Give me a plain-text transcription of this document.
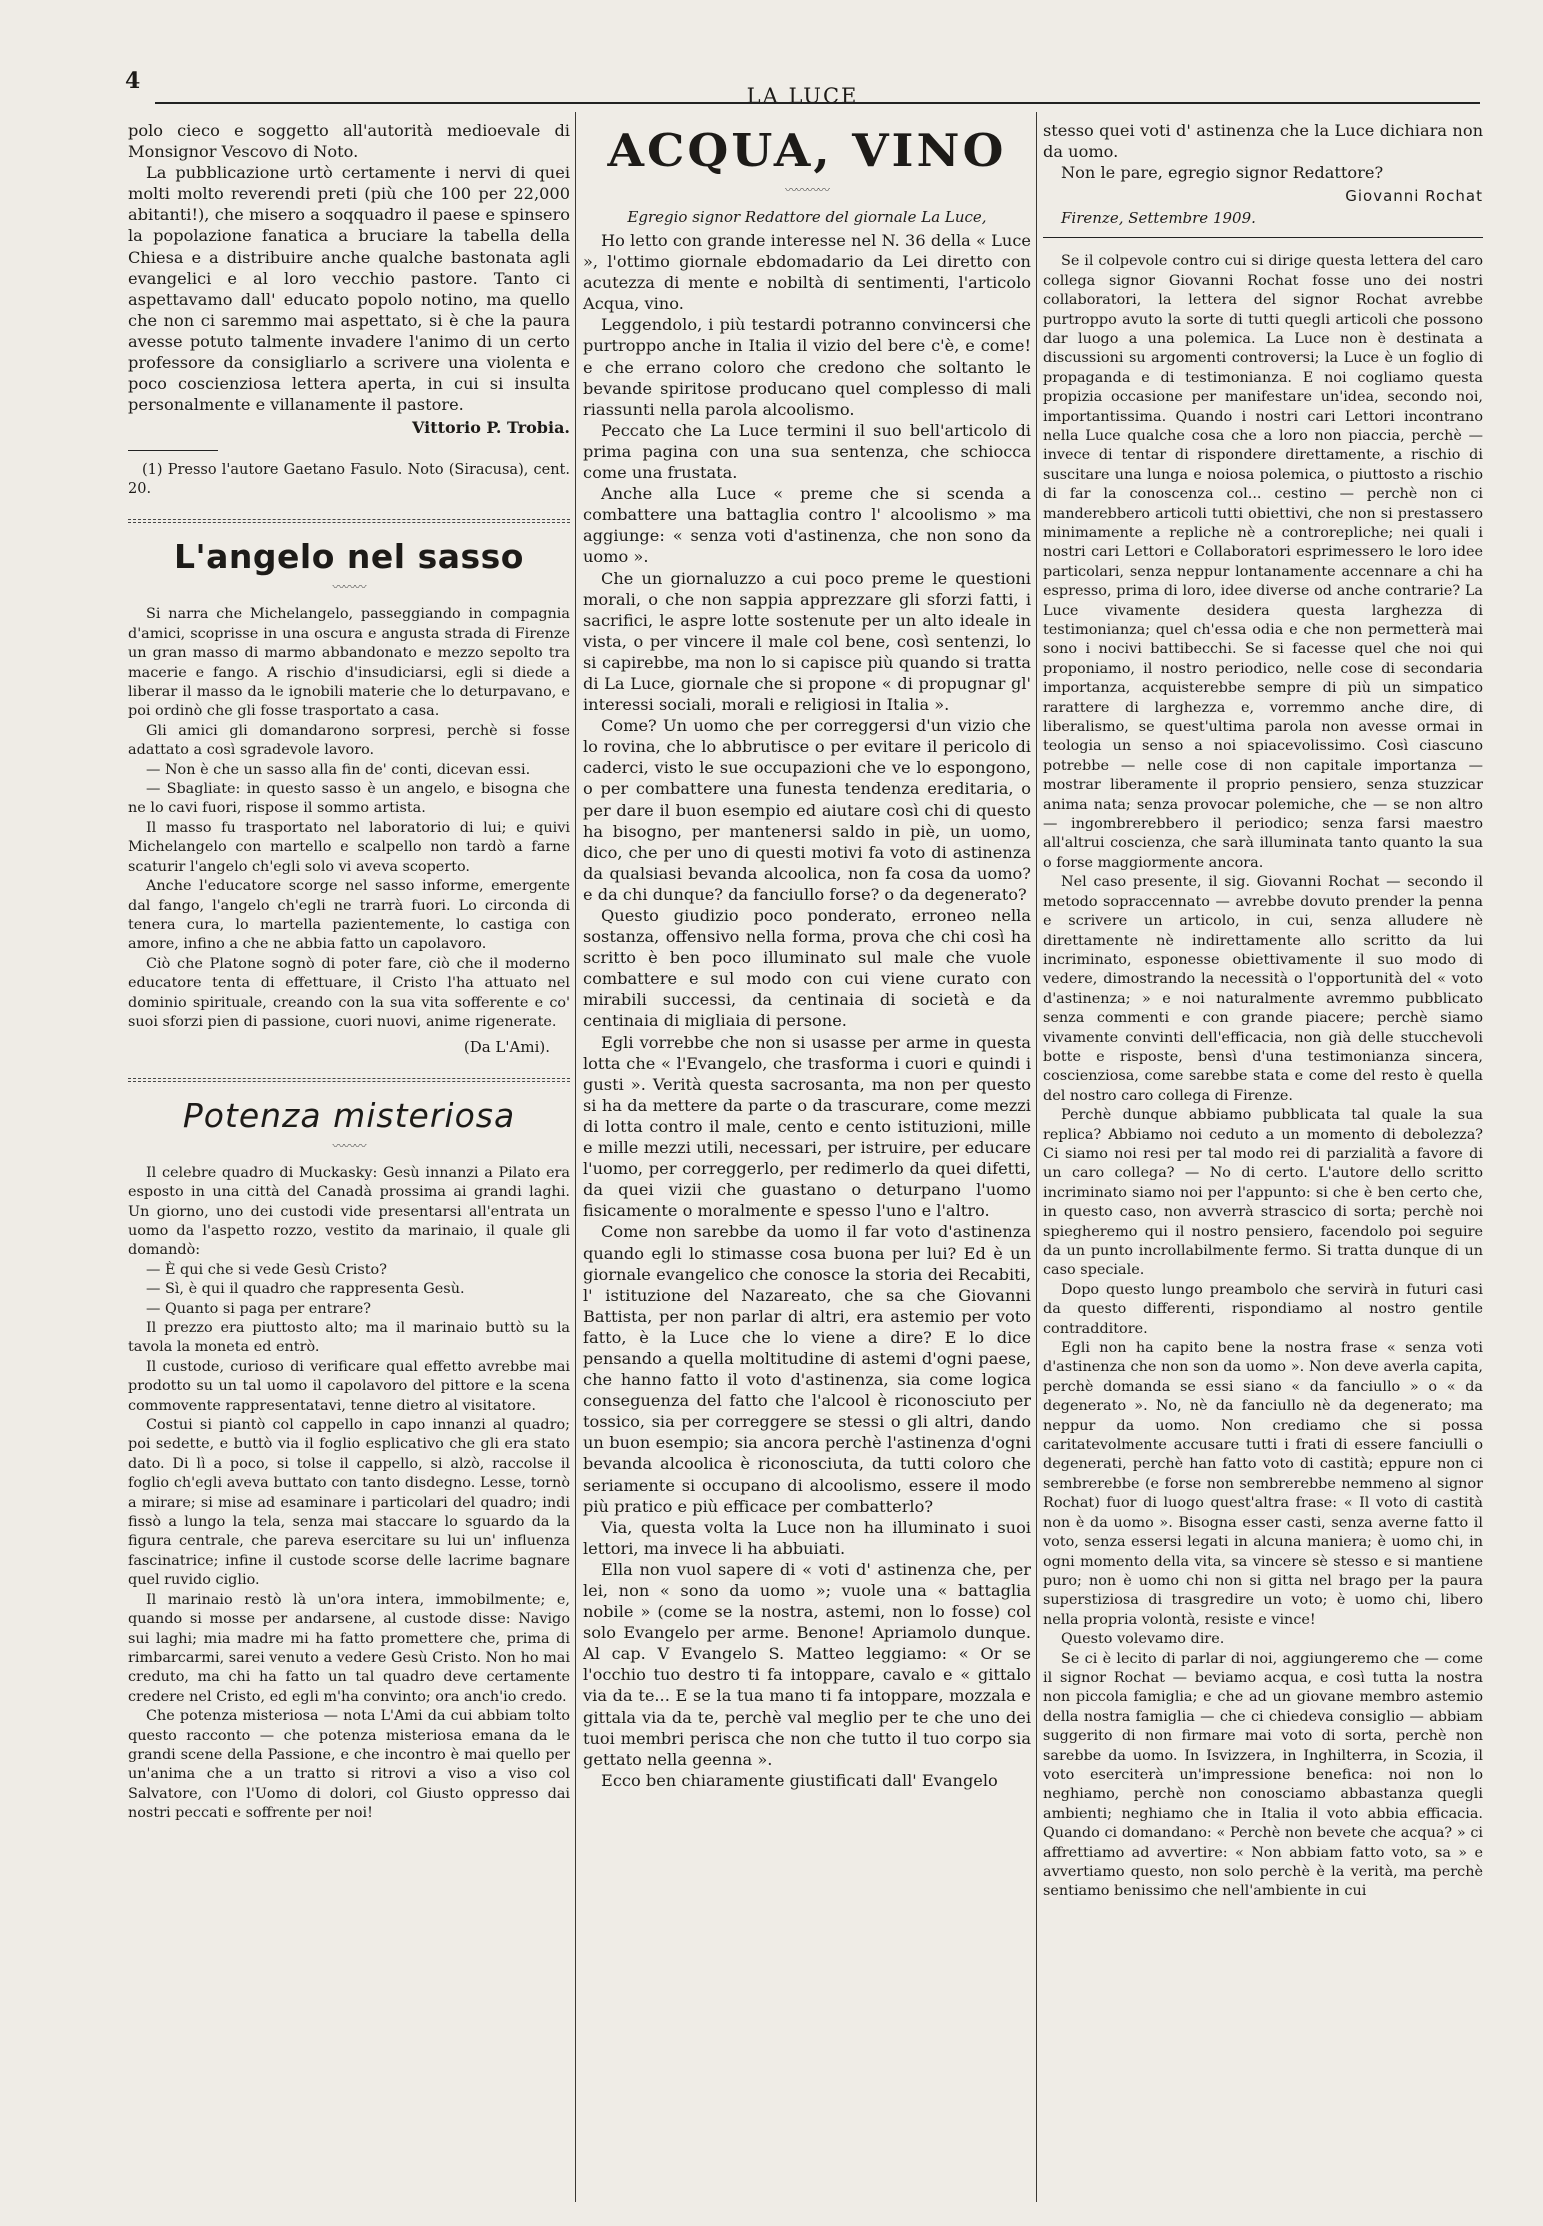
4
LA LUCE

polo cieco e soggetto all'autorità medioevale di Monsignor Vescovo di Noto.

La pubblicazione urtò certamente i nervi di quei molti molto reverendi preti (più che 100 per 22,000 abitanti!), che misero a soqquadro il paese e spinsero la popolazione fanatica a bruciare la tabella della Chiesa e a distribuire anche qualche bastonata agli evangelici e al loro vecchio pastore. Tanto ci aspettavamo dall' educato popolo notino, ma quello che non ci saremmo mai aspettato, si è che la paura avesse potuto talmente invadere l'animo di un certo professore da consigliarlo a scrivere una violenta e poco coscienziosa lettera aperta, in cui si insulta personalmente e villanamente il pastore.

Vittorio P. Trobia.

(1) Presso l'autore Gaetano Fasulo. Noto (Siracusa), cent. 20.

L'angelo nel sasso
〰〰〰

Si narra che Michelangelo, passeggiando in compagnia d'amici, scoprisse in una oscura e angusta strada di Firenze un gran masso di marmo abbandonato e mezzo sepolto tra macerie e fango. A rischio d'insudiciarsi, egli si diede a liberar il masso da le ignobili materie che lo deturpavano, e poi ordinò che gli fosse trasportato a casa.

Gli amici gli domandarono sorpresi, perchè si fosse adattato a così sgradevole lavoro.

— Non è che un sasso alla fin de' conti, dicevan essi.

— Sbagliate: in questo sasso è un angelo, e bisogna che ne lo cavi fuori, rispose il sommo artista.

Il masso fu trasportato nel laboratorio di lui; e quivi Michelangelo con martello e scalpello non tardò a farne scaturir l'angelo ch'egli solo vi aveva scoperto.

Anche l'educatore scorge nel sasso informe, emergente dal fango, l'angelo ch'egli ne trarrà fuori. Lo circonda di tenera cura, lo martella pazientemente, lo castiga con amore, infino a che ne abbia fatto un capolavoro.

Ciò che Platone sognò di poter fare, ciò che il moderno educatore tenta di effettuare, il Cristo l'ha attuato nel dominio spirituale, creando con la sua vita sofferente e co' suoi sforzi pien di passione, cuori nuovi, anime rigenerate.

(Da L'Ami).
Potenza misteriosa
〰〰〰

Il celebre quadro di Muckasky: Gesù innanzi a Pilato era esposto in una città del Canadà prossima ai grandi laghi. Un giorno, uno dei custodi vide presentarsi all'entrata un uomo da l'aspetto rozzo, vestito da marinaio, il quale gli domandò:

— È qui che si vede Gesù Cristo?

— Sì, è qui il quadro che rappresenta Gesù.

— Quanto si paga per entrare?

Il prezzo era piuttosto alto; ma il marinaio buttò su la tavola la moneta ed entrò.

Il custode, curioso di verificare qual effetto avrebbe mai prodotto su un tal uomo il capolavoro del pittore e la scena commovente rappresentatavi, tenne dietro al visitatore.

Costui si piantò col cappello in capo innanzi al quadro; poi sedette, e buttò via il foglio esplicativo che gli era stato dato. Di lì a poco, si tolse il cappello, si alzò, raccolse il foglio ch'egli aveva buttato con tanto disdegno. Lesse, tornò a mirare; si mise ad esaminare i particolari del quadro; indi fissò a lungo la tela, senza mai staccare lo sguardo da la figura centrale, che pareva esercitare su lui un' influenza fascinatrice; infine il custode scorse delle lacrime bagnare quel ruvido ciglio.

Il marinaio restò là un'ora intera, immobilmente; e, quando si mosse per andarsene, al custode disse: Navigo sui laghi; mia madre mi ha fatto promettere che, prima di rimbarcarmi, sarei venuto a vedere Gesù Cristo. Non ho mai creduto, ma chi ha fatto un tal quadro deve certamente credere nel Cristo, ed egli m'ha convinto; ora anch'io credo.

Che potenza misteriosa — nota L'Ami da cui abbiam tolto questo racconto — che potenza misteriosa emana da le grandi scene della Passione, e che incontro è mai quello per un'anima che a un tratto si ritrovi a viso a viso col Salvatore, con l'Uomo di dolori, col Giusto oppresso dai nostri peccati e soffrente per noi!

ACQUA, VINO
〰〰〰〰
Egregio signor Redattore del giornale La Luce,

Ho letto con grande interesse nel N. 36 della « Luce », l'ottimo giornale ebdomadario da Lei diretto con acutezza di mente e nobiltà di sentimenti, l'articolo Acqua, vino.

Leggendolo, i più testardi potranno convincersi che purtroppo anche in Italia il vizio del bere c'è, e come! e che errano coloro che credono che soltanto le bevande spiritose producano quel complesso di mali riassunti nella parola alcoolismo.

Peccato che La Luce termini il suo bell'articolo di prima pagina con una sua sentenza, che schiocca come una frustata.

Anche alla Luce « preme che si scenda a combattere una battaglia contro l' alcoolismo » ma aggiunge: « senza voti d'astinenza, che non sono da uomo ».

Che un giornaluzzo a cui poco preme le questioni morali, o che non sappia apprezzare gli sforzi fatti, i sacrifici, le aspre lotte sostenute per un alto ideale in vista, o per vincere il male col bene, così sentenzi, lo si capirebbe, ma non lo si capisce più quando si tratta di La Luce, giornale che si propone « di propugnar gl' interessi sociali, morali e religiosi in Italia ».

Come? Un uomo che per correggersi d'un vizio che lo rovina, che lo abbrutisce o per evitare il pericolo di caderci, visto le sue occupazioni che ve lo espongono, o per combattere una funesta tendenza ereditaria, o per dare il buon esempio ed aiutare così chi di questo ha bisogno, per mantenersi saldo in piè, un uomo, dico, che per uno di questi motivi fa voto di astinenza da qualsiasi bevanda alcoolica, non fa cosa da uomo? e da chi dunque? da fanciullo forse? o da degenerato?

Questo giudizio poco ponderato, erroneo nella sostanza, offensivo nella forma, prova che chi così ha scritto è ben poco illuminato sul male che vuole combattere e sul modo con cui viene curato con mirabili successi, da centinaia di società e da centinaia di migliaia di persone.

Egli vorrebbe che non si usasse per arme in questa lotta che « l'Evangelo, che trasforma i cuori e quindi i gusti ». Verità questa sacrosanta, ma non per questo si ha da mettere da parte o da trascurare, come mezzi di lotta contro il male, cento e cento istituzioni, mille e mille mezzi utili, necessari, per istruire, per educare l'uomo, per correggerlo, per redimerlo da quei difetti, da quei vizii che guastano o deturpano l'uomo fisicamente o moralmente e spesso l'uno e l'altro.

Come non sarebbe da uomo il far voto d'astinenza quando egli lo stimasse cosa buona per lui? Ed è un giornale evangelico che conosce la storia dei Recabiti, l' istituzione del Nazareato, che sa che Giovanni Battista, per non parlar di altri, era astemio per voto fatto, è la Luce che lo viene a dire? E lo dice pensando a quella moltitudine di astemi d'ogni paese, che hanno fatto il voto d'astinenza, sia come logica conseguenza del fatto che l'alcool è riconosciuto per tossico, sia per correggere se stessi o gli altri, dando un buon esempio; sia ancora perchè l'astinenza d'ogni bevanda alcoolica è riconosciuta, da tutti coloro che seriamente si occupano di alcoolismo, essere il modo più pratico e più efficace per combatterlo?

Via, questa volta la Luce non ha illuminato i suoi lettori, ma invece li ha abbuiati.

Ella non vuol sapere di « voti d' astinenza che, per lei, non « sono da uomo »; vuole una « battaglia nobile » (come se la nostra, astemi, non lo fosse) col solo Evangelo per arme. Benone! Apriamolo dunque. Al cap. V Evangelo S. Matteo leggiamo: « Or se l'occhio tuo destro ti fa intoppare, cavalo e « gittalo via da te... E se la tua mano ti fa intoppare, mozzala e gittala via da te, perchè val meglio per te che uno dei tuoi membri perisca che non che tutto il tuo corpo sia gettato nella geenna ».

Ecco ben chiaramente giustificati dall' Evangelo

stesso quei voti d' astinenza che la Luce dichiara non da uomo.

Non le pare, egregio signor Redattore?

Giovanni Rochat
Firenze, Settembre 1909.

Se il colpevole contro cui si dirige questa lettera del caro collega signor Giovanni Rochat fosse uno dei nostri collaboratori, la lettera del signor Rochat avrebbe purtroppo avuto la sorte di tutti quegli articoli che possono dar luogo a una polemica. La Luce non è destinata a discussioni su argomenti controversi; la Luce è un foglio di propaganda e di testimonianza. E noi cogliamo questa propizia occasione per manifestare un'idea, secondo noi, importantissima. Quando i nostri cari Lettori incontrano nella Luce qualche cosa che a loro non piaccia, perchè — invece di tentar di rispondere direttamente, a rischio di suscitare una lunga e noiosa polemica, o piuttosto a rischio di far la conoscenza col... cestino — perchè non ci manderebbero articoli tutti obiettivi, che non si prestassero minimamente a repliche nè a controrepliche; nei quali i nostri cari Lettori e Collaboratori esprimessero le loro idee particolari, senza neppur lontanamente accennare a chi ha espresso, prima di loro, idee diverse od anche contrarie? La Luce vivamente desidera questa larghezza di testimonianza; quel ch'essa odia e che non permetterà mai sono i nocivi battibecchi. Se si facesse quel che noi qui proponiamo, il nostro periodico, nelle cose di secondaria importanza, acquisterebbe sempre di più un simpatico rarattere di larghezza e, vorremmo anche dire, di liberalismo, se quest'ultima parola non avesse ormai in teologia un senso a noi spiacevolissimo. Così ciascuno potrebbe — nelle cose di non capitale importanza — mostrar liberamente il proprio pensiero, senza stuzzicar anima nata; senza provocar polemiche, che — se non altro — ingombrerebbero il periodico; senza farsi maestro all'altrui coscienza, che sarà illuminata tanto quanto la sua o forse maggiormente ancora.

Nel caso presente, il sig. Giovanni Rochat — secondo il metodo sopraccennato — avrebbe dovuto prender la penna e scrivere un articolo, in cui, senza alludere nè direttamente nè indirettamente allo scritto da lui incriminato, esponesse obiettivamente il suo modo di vedere, dimostrando la necessità o l'opportunità del « voto d'astinenza; » e noi naturalmente avremmo pubblicato senza commenti e con grande piacere; perchè siamo vivamente convinti dell'efficacia, non già delle stucchevoli botte e risposte, bensì d'una testimonianza sincera, coscienziosa, come sarebbe stata e come del resto è quella del nostro caro collega di Firenze.

Perchè dunque abbiamo pubblicata tal quale la sua replica? Abbiamo noi ceduto a un momento di debolezza? Ci siamo noi resi per tal modo rei di parzialità a favore di un caro collega? — No di certo. L'autore dello scritto incriminato siamo noi per l'appunto: si che è ben certo che, in questo caso, non avverrà strascico di sorta; perchè noi spiegheremo qui il nostro pensiero, facendolo poi seguire da un punto incrollabilmente fermo. Si tratta dunque di un caso speciale.

Dopo questo lungo preambolo che servirà in futuri casi da questo differenti, rispondiamo al nostro gentile contradditore.

Egli non ha capito bene la nostra frase « senza voti d'astinenza che non son da uomo ». Non deve averla capita, perchè domanda se essi siano « da fanciullo » o « da degenerato ». No, nè da fanciullo nè da degenerato; ma neppur da uomo. Non crediamo che si possa caritatevolmente accusare tutti i frati di essere fanciulli o degenerati, perchè han fatto voto di castità; eppure non ci sembrerebbe (e forse non sembrerebbe nemmeno al signor Rochat) fuor di luogo quest'altra frase: « Il voto di castità non è da uomo ». Bisogna esser casti, senza averne fatto il voto, senza essersi legati in alcuna maniera; è uomo chi, in ogni momento della vita, sa vincere sè stesso e si mantiene puro; non è uomo chi non si gitta nel brago per la paura superstiziosa di trasgredire un voto; è uomo chi, libero nella propria volontà, resiste e vince!

Questo volevamo dire.

Se ci è lecito di parlar di noi, aggiungeremo che — come il signor Rochat — beviamo acqua, e così tutta la nostra non piccola famiglia; e che ad un giovane membro astemio della nostra famiglia — che ci chiedeva consiglio — abbiam suggerito di non firmare mai voto di sorta, perchè non sarebbe da uomo. In Isvizzera, in Inghilterra, in Scozia, il voto eserciterà un'impressione benefica: noi non lo neghiamo, perchè non conosciamo abbastanza quegli ambienti; neghiamo che in Italia il voto abbia efficacia. Quando ci domandano: « Perchè non bevete che acqua? » ci affrettiamo ad avvertire: « Non abbiam fatto voto, sa » e avvertiamo questo, non solo perchè è la verità, ma perchè sentiamo benissimo che nell'ambiente in cui
